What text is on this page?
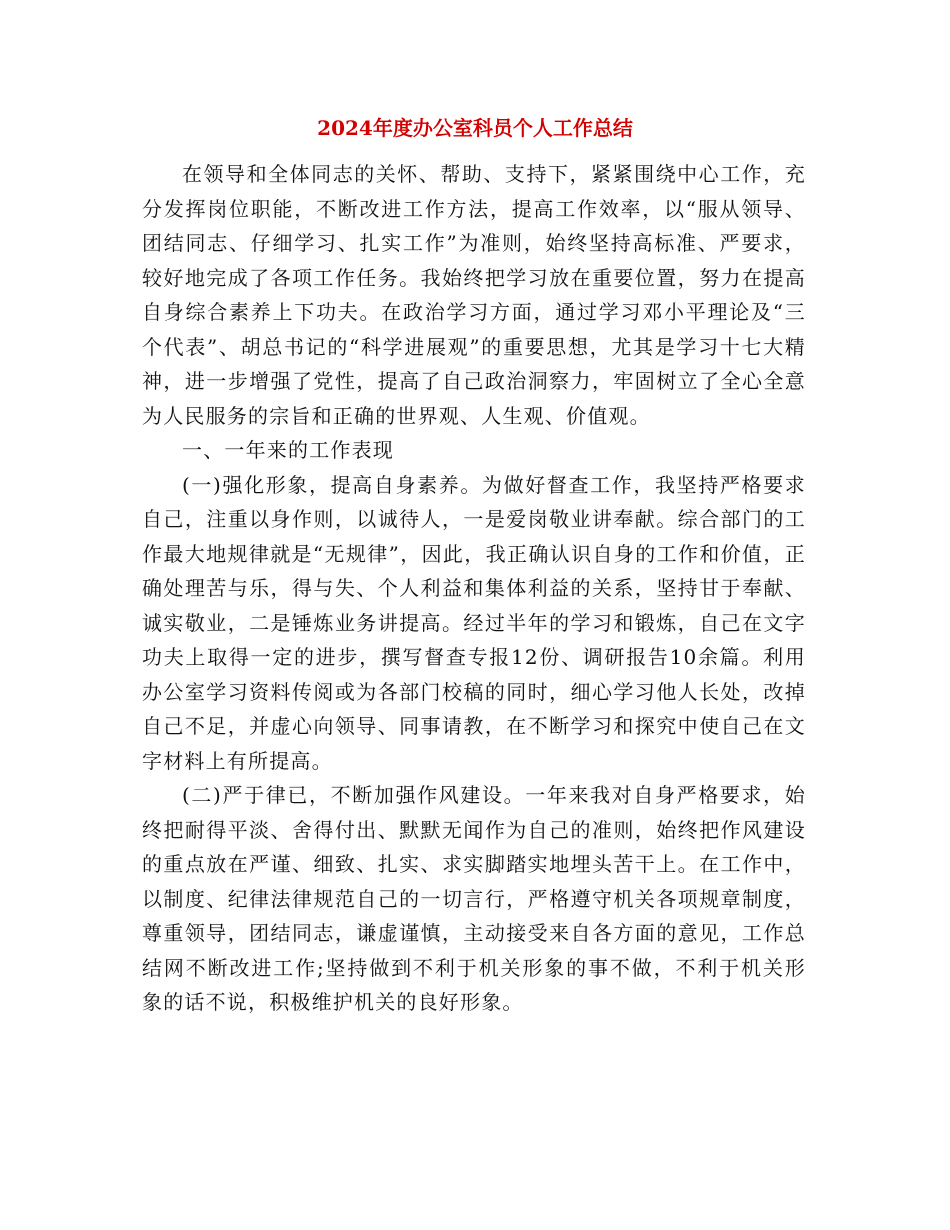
2024年度办公室科员个人工作总结

在领导和全体同志的关怀、帮助、支持下，紧紧围绕中心工作，充分发挥岗位职能，不断改进工作方法，提高工作效率，以“服从领导、团结同志、仔细学习、扎实工作”为准则，始终坚持高标准、严要求，较好地完成了各项工作任务。我始终把学习放在重要位置，努力在提高自身综合素养上下功夫。在政治学习方面，通过学习邓小平理论及“三个代表”、胡总书记的“科学进展观”的重要思想，尤其是学习十七大精神，进一步增强了党性，提高了自己政治洞察力，牢固树立了全心全意为人民服务的宗旨和正确的世界观、人生观、价值观。

一、一年来的工作表现

(一)强化形象，提高自身素养。为做好督查工作，我坚持严格要求自己，注重以身作则，以诚待人，一是爱岗敬业讲奉献。综合部门的工作最大地规律就是“无规律”，因此，我正确认识自身的工作和价值，正确处理苦与乐，得与失、个人利益和集体利益的关系，坚持甘于奉献、诚实敬业，二是锤炼业务讲提高。经过半年的学习和锻炼，自己在文字功夫上取得一定的进步，撰写督查专报12份、调研报告10余篇。利用办公室学习资料传阅或为各部门校稿的同时，细心学习他人长处，改掉自己不足，并虚心向领导、同事请教，在不断学习和探究中使自己在文字材料上有所提高。

(二)严于律已，不断加强作风建设。一年来我对自身严格要求，始终把耐得平淡、舍得付出、默默无闻作为自己的准则，始终把作风建设的重点放在严谨、细致、扎实、求实脚踏实地埋头苦干上。在工作中，以制度、纪律法律规范自己的一切言行，严格遵守机关各项规章制度，尊重领导，团结同志，谦虚谨慎，主动接受来自各方面的意见，工作总结网不断改进工作;坚持做到不利于机关形象的事不做，不利于机关形象的话不说，积极维护机关的良好形象。
